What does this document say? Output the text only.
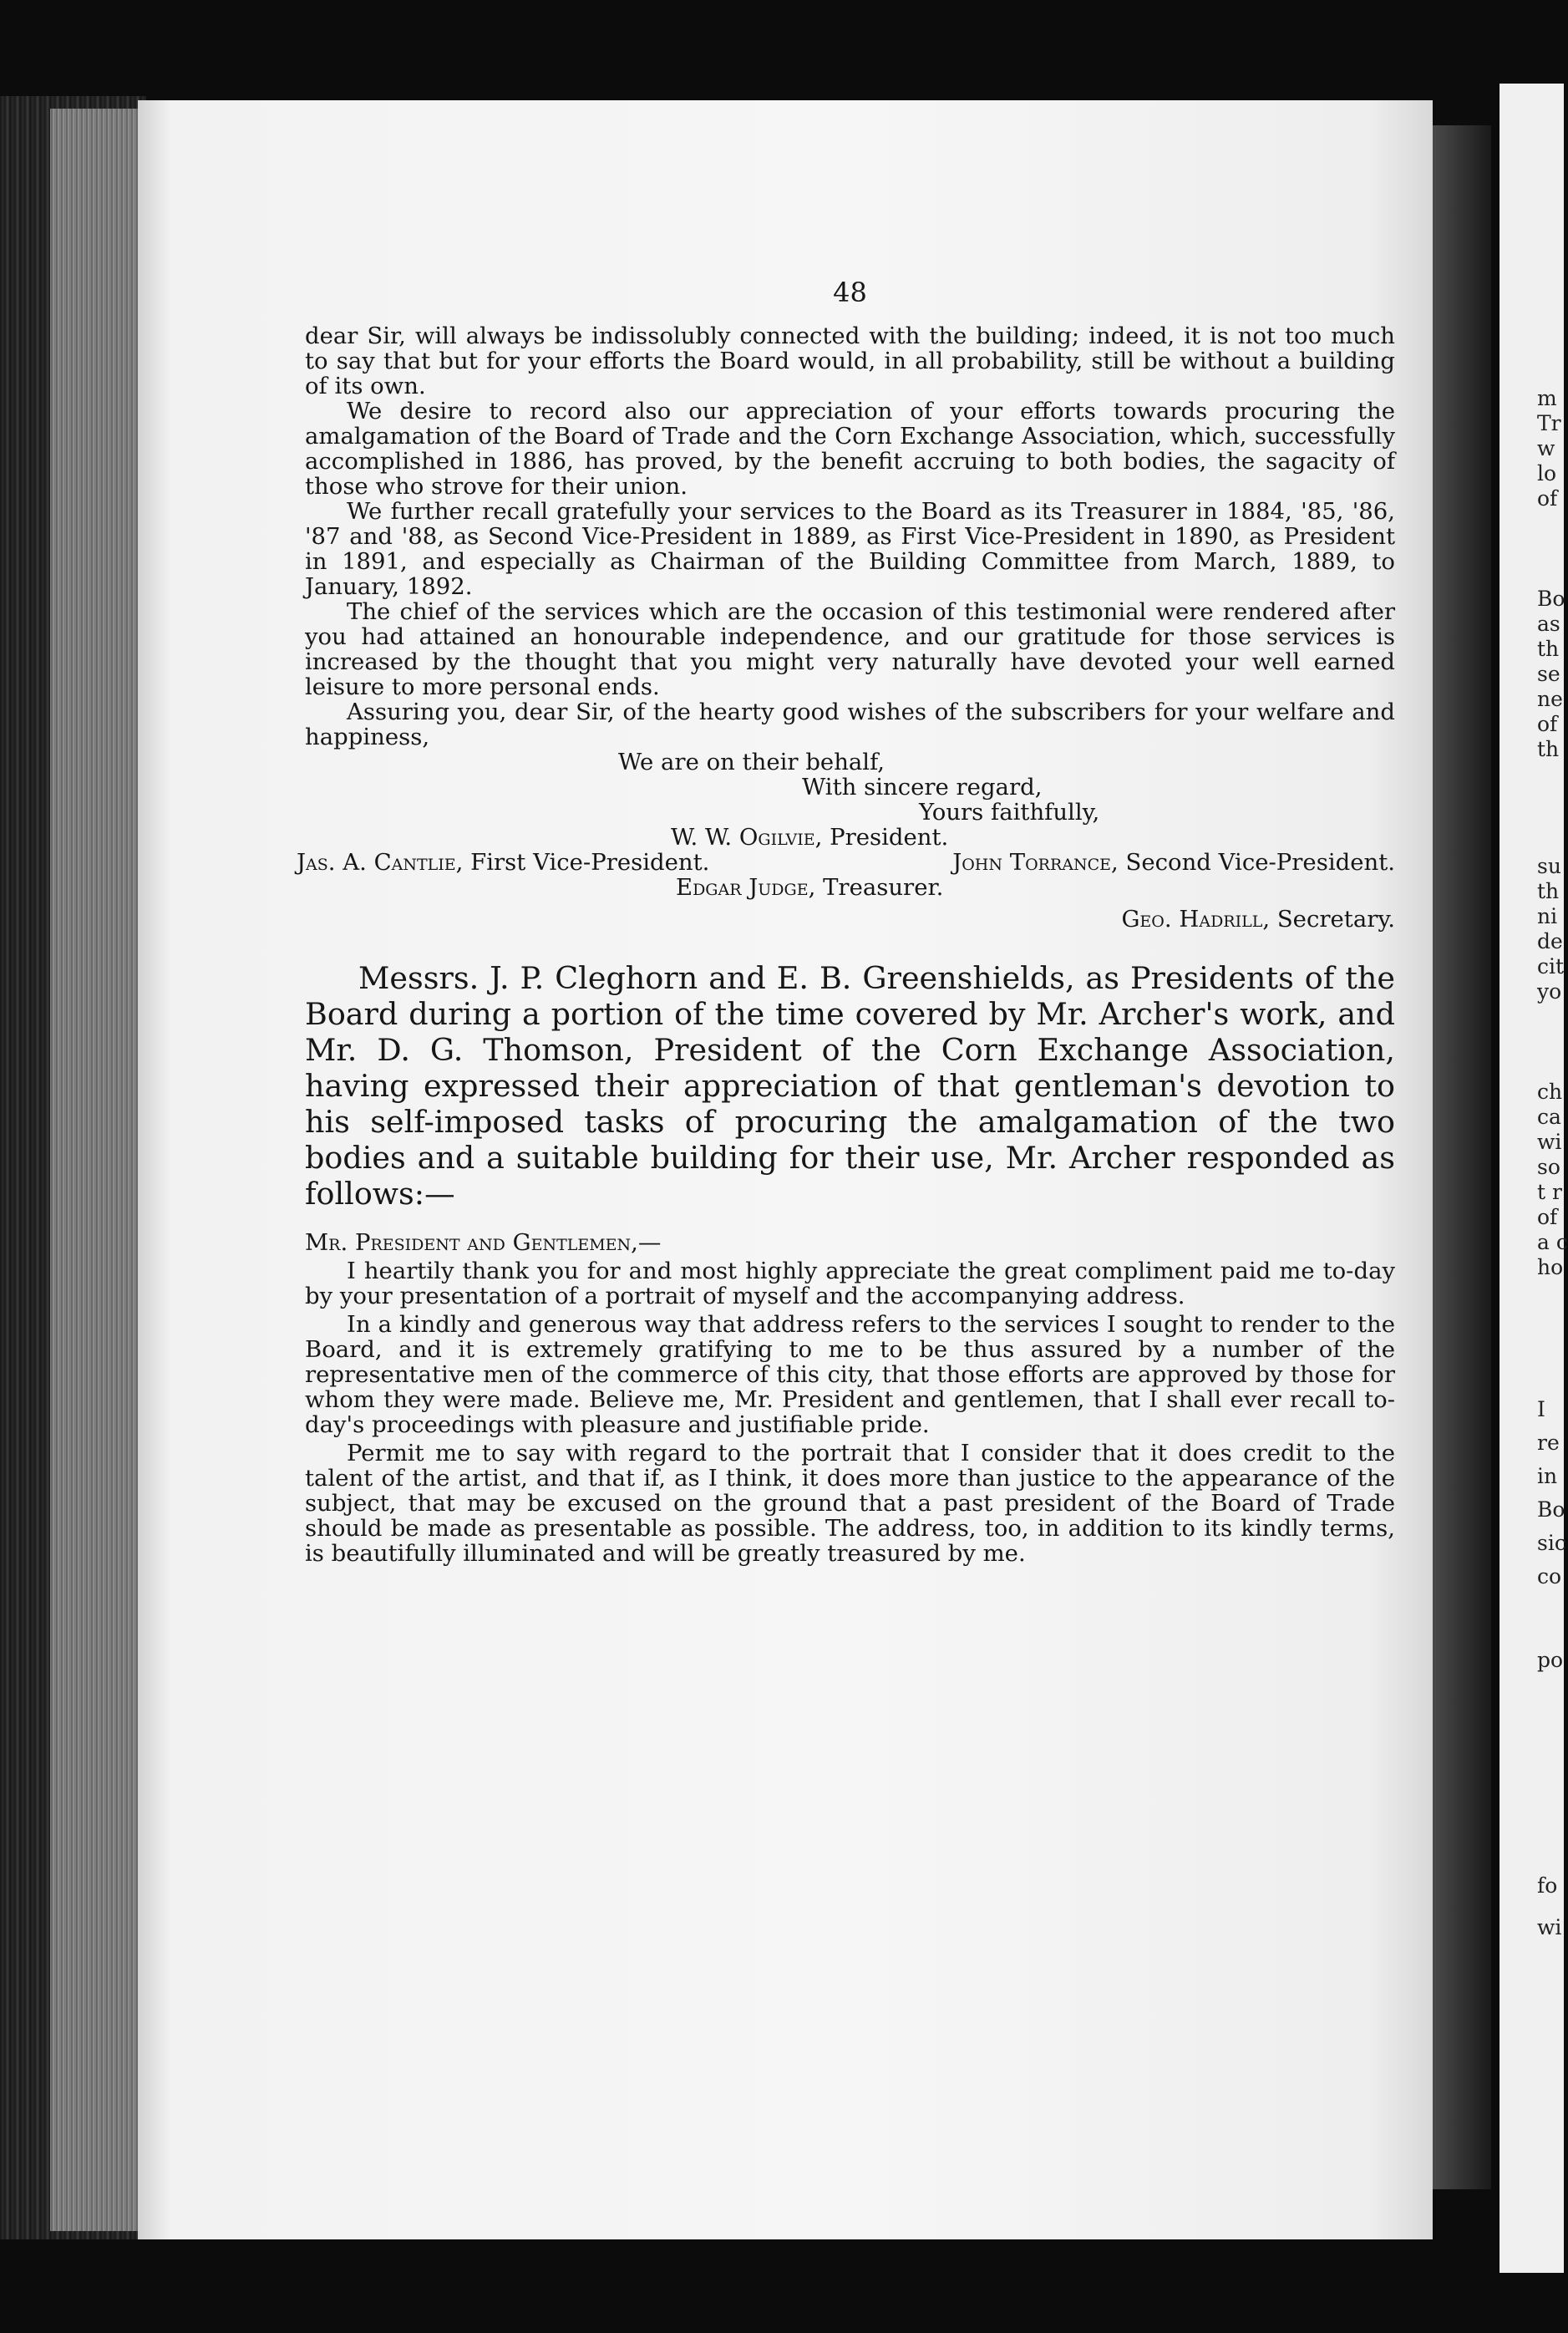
m
Tr
w
lo
of
Bo
as
th
se
ne
of
th
su
th
ni
de
cit
yo
ch
ca
wi
so
t r
of
a c
ho
I
re
in
Bo
sic
co
po
fo
wi
48

dear Sir, will always be indissolubly connected with the building; indeed, it is not too much to say that but for your efforts the Board would, in all probability, still be without a building of its own.

We desire to record also our appreciation of your efforts towards procuring the amalgamation of the Board of Trade and the Corn Exchange Association, which, successfully accomplished in 1886, has proved, by the benefit accruing to both bodies, the sagacity of those who strove for their union.

We further recall gratefully your services to the Board as its Treasurer in 1884, '85, '86, '87 and '88, as Second Vice-President in 1889, as First Vice-President in 1890, as President in 1891, and especially as Chairman of the Building Committee from March, 1889, to January, 1892.

The chief of the services which are the occasion of this testimonial were rendered after you had attained an honourable independence, and our gratitude for those services is increased by the thought that you might very naturally have devoted your well earned leisure to more personal ends.

Assuring you, dear Sir, of the hearty good wishes of the subscribers for your welfare and happiness,

We are on their behalf,
With sincere regard,
Yours faithfully,
W. W. Ogilvie, President.
Jas. A. Cantlie, First Vice-President.	John Torrance, Second Vice-President.
Edgar Judge, Treasurer.
Geo. Hadrill, Secretary.

Messrs. J. P. Cleghorn and E. B. Greenshields, as Presidents of the Board during a portion of the time covered by Mr. Archer's work, and Mr. D. G. Thomson, President of the Corn Exchange Association, having expressed their appreciation of that gentleman's devotion to his self-imposed tasks of procuring the amalgamation of the two bodies and a suitable building for their use, Mr. Archer responded as follows:—

Mr. President and Gentlemen,—

I heartily thank you for and most highly appreciate the great compliment paid me to-day by your presentation of a portrait of myself and the accompanying address.

In a kindly and generous way that address refers to the services I sought to render to the Board, and it is extremely gratifying to me to be thus assured by a number of the representative men of the commerce of this city, that those efforts are approved by those for whom they were made. Believe me, Mr. President and gentlemen, that I shall ever recall to-day's proceedings with pleasure and justifiable pride.

Permit me to say with regard to the portrait that I consider that it does credit to the talent of the artist, and that if, as I think, it does more than justice to the appearance of the subject, that may be excused on the ground that a past president of the Board of Trade should be made as presentable as possible. The address, too, in addition to its kindly terms, is beautifully illuminated and will be greatly treasured by me.
